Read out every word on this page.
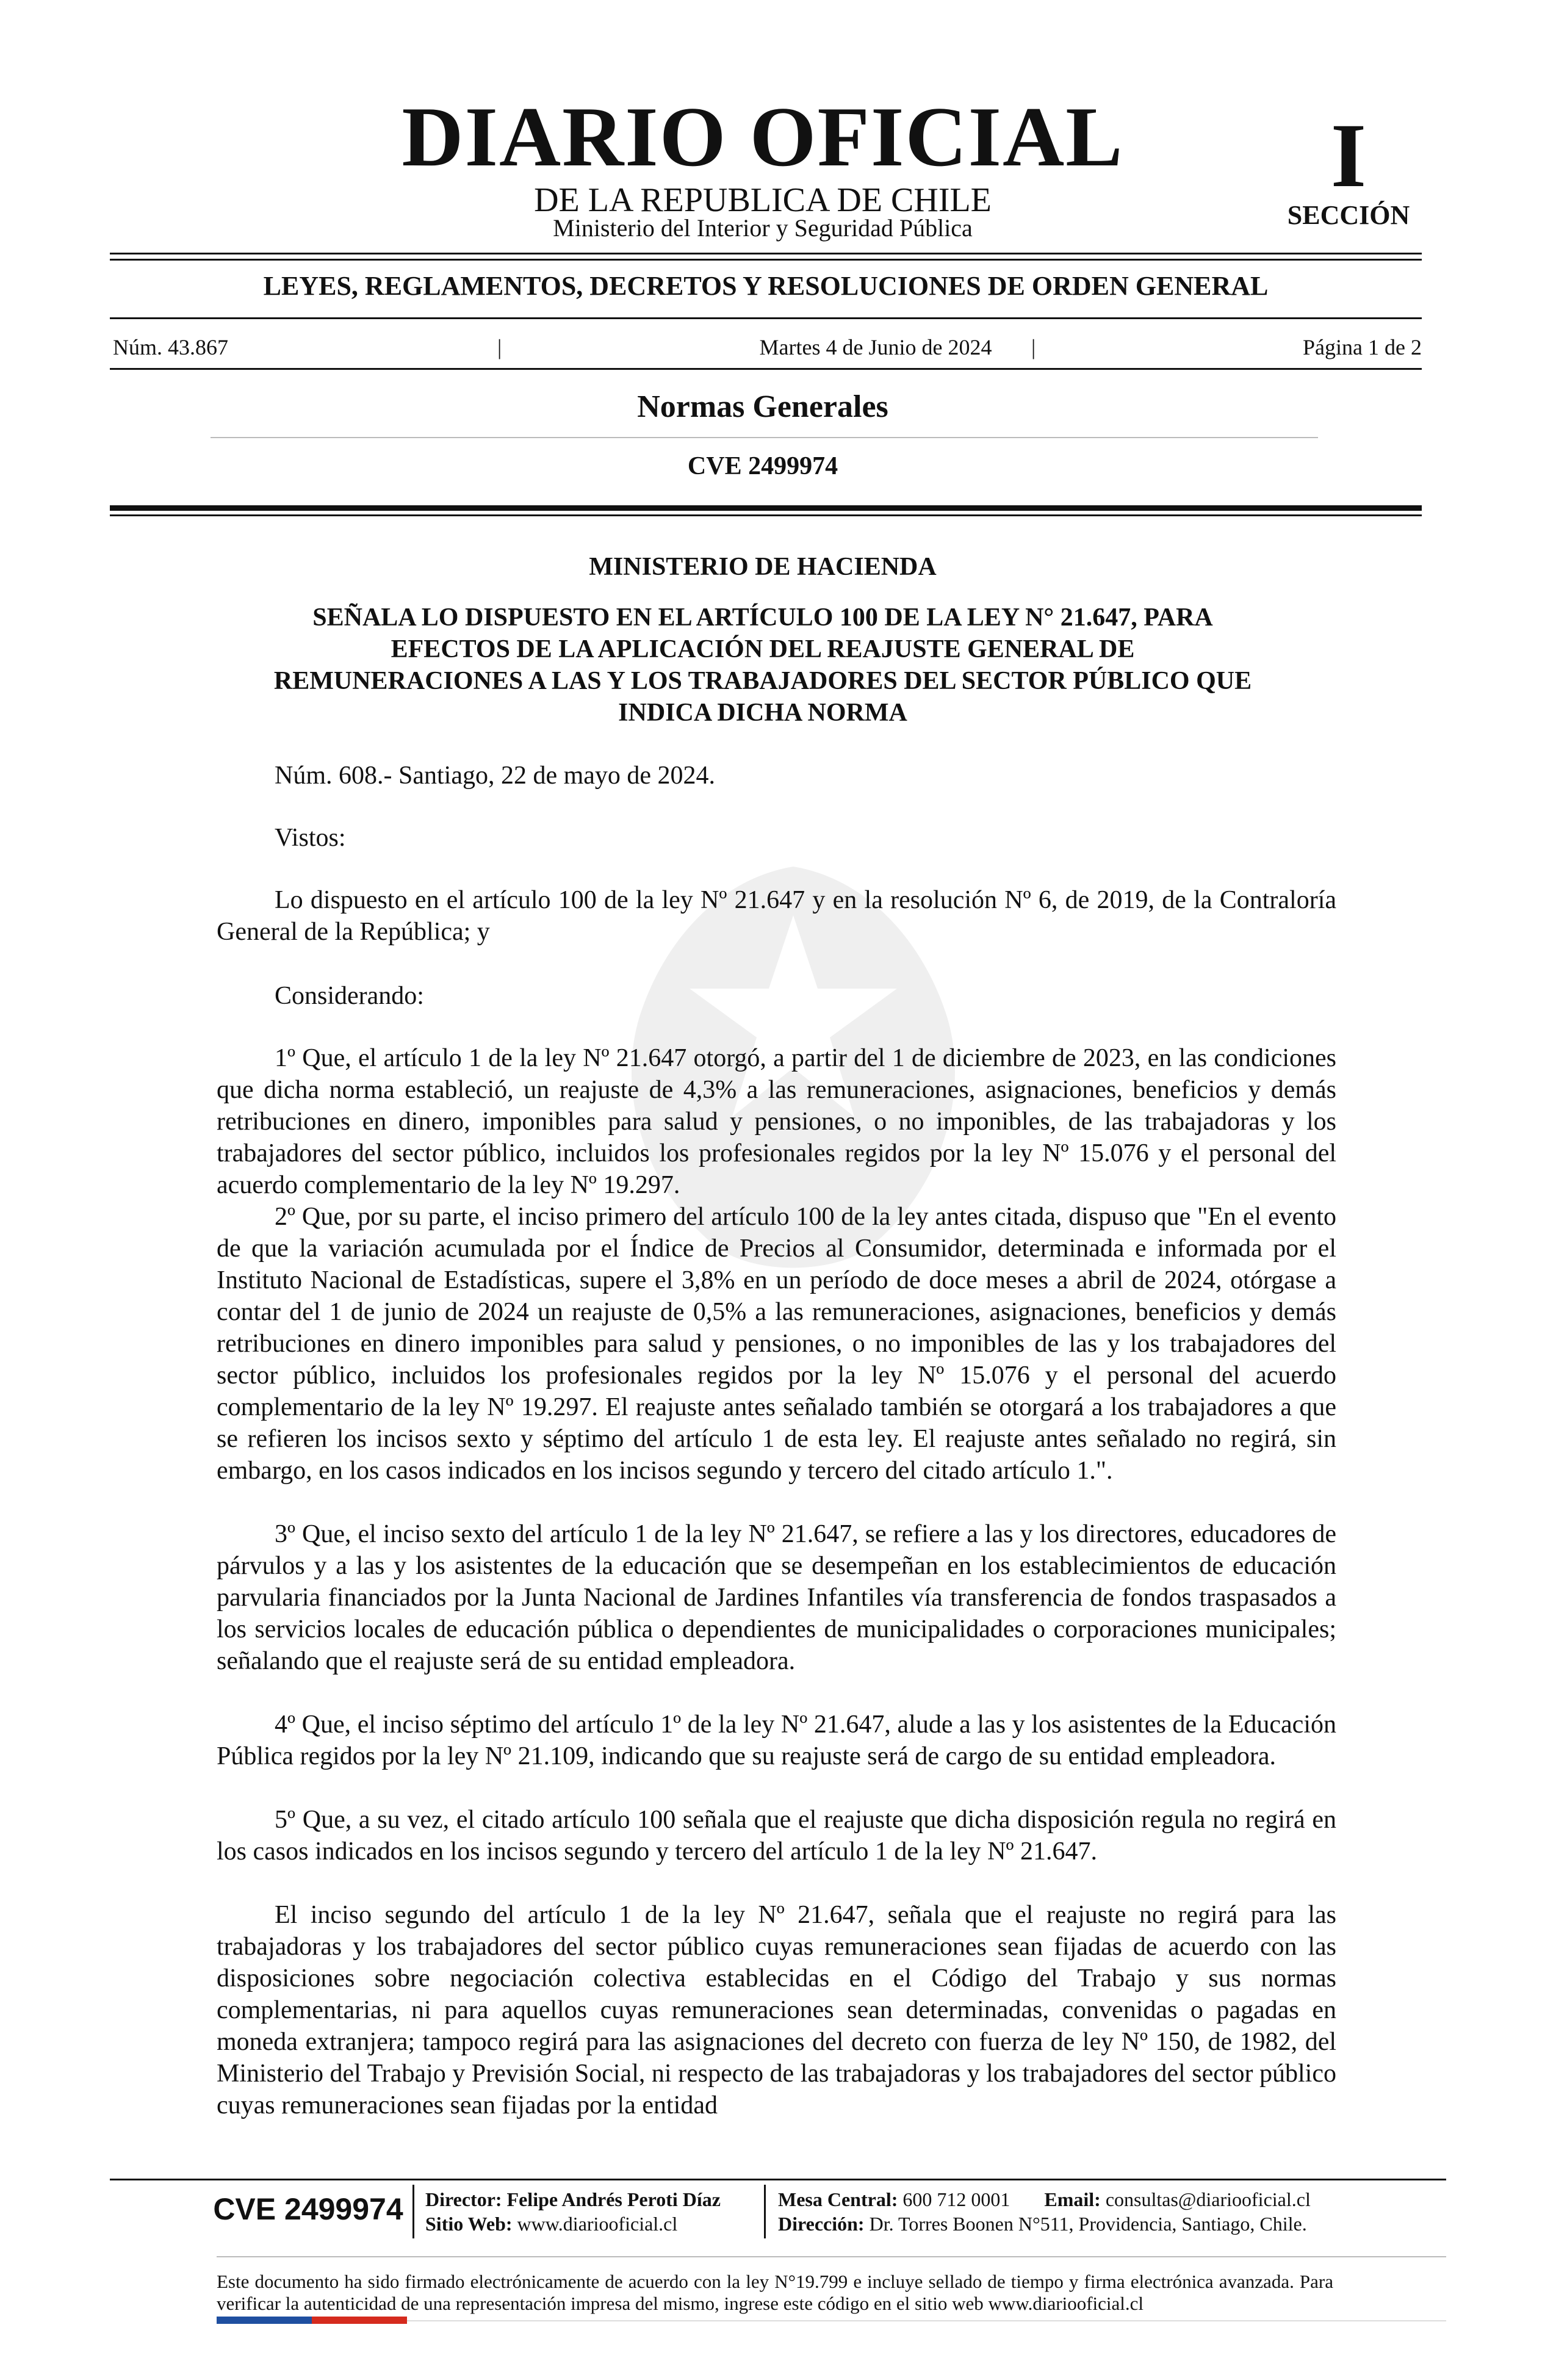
DIARIO OFICIAL
DE LA REPUBLICA DE CHILE
Ministerio del Interior y Seguridad Pública
I
SECCIÓN
LEYES, REGLAMENTOS, DECRETOS Y RESOLUCIONES DE ORDEN GENERAL
Núm. 43.867	|	Martes 4 de Junio de 2024	|	Página 1 de 2
Normas Generales
CVE 2499974
MINISTERIO DE HACIENDA
SEÑALA LO DISPUESTO EN EL ARTÍCULO 100 DE LA LEY N° 21.647, PARA
EFECTOS DE LA APLICACIÓN DEL REAJUSTE GENERAL DE
REMUNERACIONES A LAS Y LOS TRABAJADORES DEL SECTOR PÚBLICO QUE
INDICA DICHA NORMA
Núm. 608.- Santiago, 22 de mayo de 2024.
Vistos:
Lo dispuesto en el artículo 100 de la ley Nº 21.647 y en la resolución Nº 6, de 2019, de la Contraloría General de la República; y
Considerando:
1º Que, el artículo 1 de la ley Nº 21.647 otorgó, a partir del 1 de diciembre de 2023, en las condiciones que dicha norma estableció, un reajuste de 4,3% a las remuneraciones, asignaciones, beneficios y demás retribuciones en dinero, imponibles para salud y pensiones, o no imponibles, de las trabajadoras y los trabajadores del sector público, incluidos los profesionales regidos por la ley Nº 15.076 y el personal del acuerdo complementario de la ley Nº 19.297.
2º Que, por su parte, el inciso primero del artículo 100 de la ley antes citada, dispuso que "En el evento de que la variación acumulada por el Índice de Precios al Consumidor, determinada e informada por el Instituto Nacional de Estadísticas, supere el 3,8% en un período de doce meses a abril de 2024, otórgase a contar del 1 de junio de 2024 un reajuste de 0,5% a las remuneraciones, asignaciones, beneficios y demás retribuciones en dinero imponibles para salud y pensiones, o no imponibles de las y los trabajadores del sector público, incluidos los profesionales regidos por la ley Nº 15.076 y el personal del acuerdo complementario de la ley Nº 19.297. El reajuste antes señalado también se otorgará a los trabajadores a que se refieren los incisos sexto y séptimo del artículo 1 de esta ley. El reajuste antes señalado no regirá, sin embargo, en los casos indicados en los incisos segundo y tercero del citado artículo 1.".
3º Que, el inciso sexto del artículo 1 de la ley Nº 21.647, se refiere a las y los directores, educadores de párvulos y a las y los asistentes de la educación que se desempeñan en los establecimientos de educación parvularia financiados por la Junta Nacional de Jardines Infantiles vía transferencia de fondos traspasados a los servicios locales de educación pública o dependientes de municipalidades o corporaciones municipales; señalando que el reajuste será de su entidad empleadora.
4º Que, el inciso séptimo del artículo 1º de la ley Nº 21.647, alude a las y los asistentes de la Educación Pública regidos por la ley Nº 21.109, indicando que su reajuste será de cargo de su entidad empleadora.
5º Que, a su vez, el citado artículo 100 señala que el reajuste que dicha disposición regula no regirá en los casos indicados en los incisos segundo y tercero del artículo 1 de la ley Nº 21.647.
El inciso segundo del artículo 1 de la ley Nº 21.647, señala que el reajuste no regirá para las trabajadoras y los trabajadores del sector público cuyas remuneraciones sean fijadas de acuerdo con las disposiciones sobre negociación colectiva establecidas en el Código del Trabajo y sus normas complementarias, ni para aquellos cuyas remuneraciones sean determinadas, convenidas o pagadas en moneda extranjera; tampoco regirá para las asignaciones del decreto con fuerza de ley Nº 150, de 1982, del Ministerio del Trabajo y Previsión Social, ni respecto de las trabajadoras y los trabajadores del sector público cuyas remuneraciones sean fijadas por la entidad
CVE 2499974 Director: Felipe Andrés Peroti Díaz
Sitio Web: www.diariooficial.cl
Mesa Central: 600 712 0001 Email: consultas@diariooficial.cl
Dirección: Dr. Torres Boonen N°511, Providencia, Santiago, Chile.
Este documento ha sido firmado electrónicamente de acuerdo con la ley N°19.799 e incluye sellado de tiempo y firma electrónica avanzada. Para verificar la autenticidad de una representación impresa del mismo, ingrese este código en el sitio web www.diariooficial.cl
